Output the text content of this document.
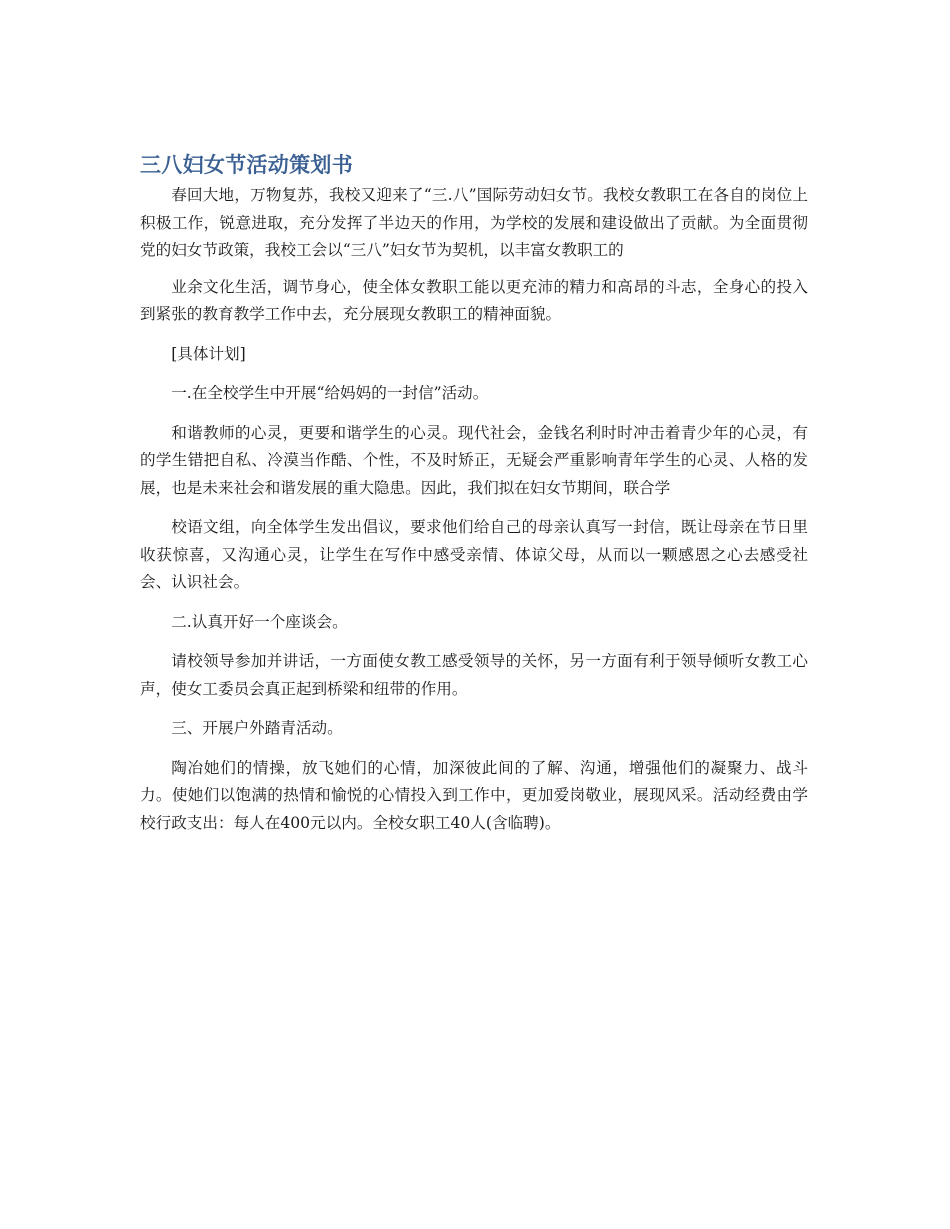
三八妇女节活动策划书

春回大地，万物复苏，我校又迎来了“三.八”国际劳动妇女节。我校女教职工在各自的岗位上积极工作，锐意进取，充分发挥了半边天的作用，为学校的发展和建设做出了贡献。为全面贯彻党的妇女节政策，我校工会以“三八”妇女节为契机，以丰富女教职工的

业余文化生活，调节身心，使全体女教职工能以更充沛的精力和高昂的斗志，全身心的投入到紧张的教育教学工作中去，充分展现女教职工的精神面貌。

[具体计划]

一.在全校学生中开展“给妈妈的一封信”活动。

和谐教师的心灵，更要和谐学生的心灵。现代社会，金钱名利时时冲击着青少年的心灵，有的学生错把自私、冷漠当作酷、个性，不及时矫正，无疑会严重影响青年学生的心灵、人格的发展，也是未来社会和谐发展的重大隐患。因此，我们拟在妇女节期间，联合学

校语文组，向全体学生发出倡议，要求他们给自己的母亲认真写一封信，既让母亲在节日里收获惊喜，又沟通心灵，让学生在写作中感受亲情、体谅父母，从而以一颗感恩之心去感受社会、认识社会。

二.认真开好一个座谈会。

请校领导参加并讲话，一方面使女教工感受领导的关怀，另一方面有利于领导倾听女教工心声，使女工委员会真正起到桥梁和纽带的作用。

三、开展户外踏青活动。

陶冶她们的情操，放飞她们的心情，加深彼此间的了解、沟通，增强他们的凝聚力、战斗力。使她们以饱满的热情和愉悦的心情投入到工作中，更加爱岗敬业，展现风采。活动经费由学校行政支出：每人在400元以内。全校女职工40人(含临聘)。
